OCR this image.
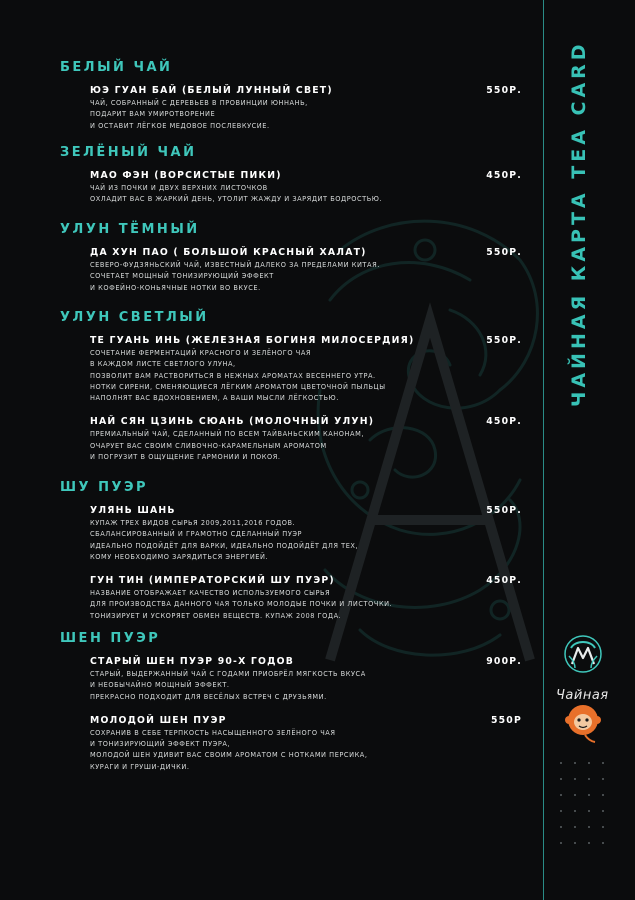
ЧАЙНАЯ КАРТА TEA CARD
Чайная
БЕЛЫЙ ЧАЙ
ЮЭ ГУАН БАЙ (БЕЛЫЙ ЛУННЫЙ СВЕТ)	550Р.
ЧАЙ, СОБРАННЫЙ С ДЕРЕВЬЕВ В ПРОВИНЦИИ ЮННАНЬ,
ПОДАРИТ ВАМ УМИРОТВОРЕНИЕ
И ОСТАВИТ ЛЁГКОЕ МЕДОВОЕ ПОСЛЕВКУСИЕ.
ЗЕЛЁНЫЙ ЧАЙ
МАО ФЭН (ВОРСИСТЫЕ ПИКИ)	450Р.
ЧАЙ ИЗ ПОЧКИ И ДВУХ ВЕРХНИХ ЛИСТОЧКОВ
ОХЛАДИТ ВАС В ЖАРКИЙ ДЕНЬ, УТОЛИТ ЖАЖДУ И ЗАРЯДИТ БОДРОСТЬЮ.
УЛУН ТЁМНЫЙ
ДА ХУН ПАО ( БОЛЬШОЙ КРАСНЫЙ ХАЛАТ)	550Р.
СЕВЕРО-ФУДЗЯНЬСКИЙ ЧАЙ, ИЗВЕСТНЫЙ ДАЛЕКО ЗА ПРЕДЕЛАМИ КИТАЯ.
СОЧЕТАЕТ МОЩНЫЙ ТОНИЗИРУЮЩИЙ ЭФФЕКТ
И КОФЕЙНО-КОНЬЯЧНЫЕ НОТКИ ВО ВКУСЕ.
УЛУН СВЕТЛЫЙ
ТЕ ГУАНЬ ИНЬ (ЖЕЛЕЗНАЯ БОГИНЯ МИЛОСЕРДИЯ)	550Р.
СОЧЕТАНИЕ ФЕРМЕНТАЦИЙ КРАСНОГО И ЗЕЛЁНОГО ЧАЯ
В КАЖДОМ ЛИСТЕ СВЕТЛОГО УЛУНА,
ПОЗВОЛИТ ВАМ РАСТВОРИТЬСЯ В НЕЖНЫХ АРОМАТАХ ВЕСЕННЕГО УТРА.
НОТКИ СИРЕНИ, СМЕНЯЮЩИЕСЯ ЛЁГКИМ АРОМАТОМ ЦВЕТОЧНОЙ ПЫЛЬЦЫ
НАПОЛНЯТ ВАС ВДОХНОВЕНИЕМ, А ВАШИ МЫСЛИ ЛЁГКОСТЬЮ.
НАЙ СЯН ЦЗИНЬ СЮАНЬ (МОЛОЧНЫЙ УЛУН)	450Р.
ПРЕМИАЛЬНЫЙ ЧАЙ, СДЕЛАННЫЙ ПО ВСЕМ ТАЙВАНЬСКИМ КАНОНАМ,
ОЧАРУЕТ ВАС СВОИМ СЛИВОЧНО-КАРАМЕЛЬНЫМ АРОМАТОМ
И ПОГРУЗИТ В ОЩУЩЕНИЕ ГАРМОНИИ И ПОКОЯ.
ШУ ПУЭР
УЛЯНЬ ШАНЬ	550Р.
КУПАЖ ТРЕХ ВИДОВ СЫРЬЯ 2009,2011,2016 ГОДОВ.
СБАЛАНСИРОВАННЫЙ И ГРАМОТНО СДЕЛАННЫЙ ПУЭР
ИДЕАЛЬНО ПОДОЙДЁТ ДЛЯ ВАРКИ, ИДЕАЛЬНО ПОДОЙДЁТ ДЛЯ ТЕХ,
КОМУ НЕОБХОДИМО ЗАРЯДИТЬСЯ ЭНЕРГИЕЙ.
ГУН ТИН (ИМПЕРАТОРСКИЙ ШУ ПУЭР)	450Р.
НАЗВАНИЕ ОТОБРАЖАЕТ КАЧЕСТВО ИСПОЛЬЗУЕМОГО СЫРЬЯ
ДЛЯ ПРОИЗВОДСТВА ДАННОГО ЧАЯ ТОЛЬКО МОЛОДЫЕ ПОЧКИ И ЛИСТОЧКИ.
ТОНИЗИРУЕТ И УСКОРЯЕТ ОБМЕН ВЕЩЕСТВ. КУПАЖ 2008 ГОДА.
ШЕН ПУЭР
СТАРЫЙ ШЕН ПУЭР 90-Х ГОДОВ	900Р.
СТАРЫЙ, ВЫДЕРЖАННЫЙ ЧАЙ С ГОДАМИ ПРИОБРЁЛ МЯГКОСТЬ ВКУСА
И НЕОБЫЧАЙНО МОЩНЫЙ ЭФФЕКТ.
ПРЕКРАСНО ПОДХОДИТ ДЛЯ ВЕСЁЛЫХ ВСТРЕЧ С ДРУЗЬЯМИ.
МОЛОДОЙ ШЕН ПУЭР	550Р
СОХРАНИВ В СЕБЕ ТЕРПКОСТЬ НАСЫЩЕННОГО ЗЕЛЁНОГО ЧАЯ
И ТОНИЗИРУЮЩИЙ ЭФФЕКТ ПУЭРА,
МОЛОДОЙ ШЕН УДИВИТ ВАС СВОИМ АРОМАТОМ С НОТКАМИ ПЕРСИКА,
КУРАГИ И ГРУШИ-ДИЧКИ.
